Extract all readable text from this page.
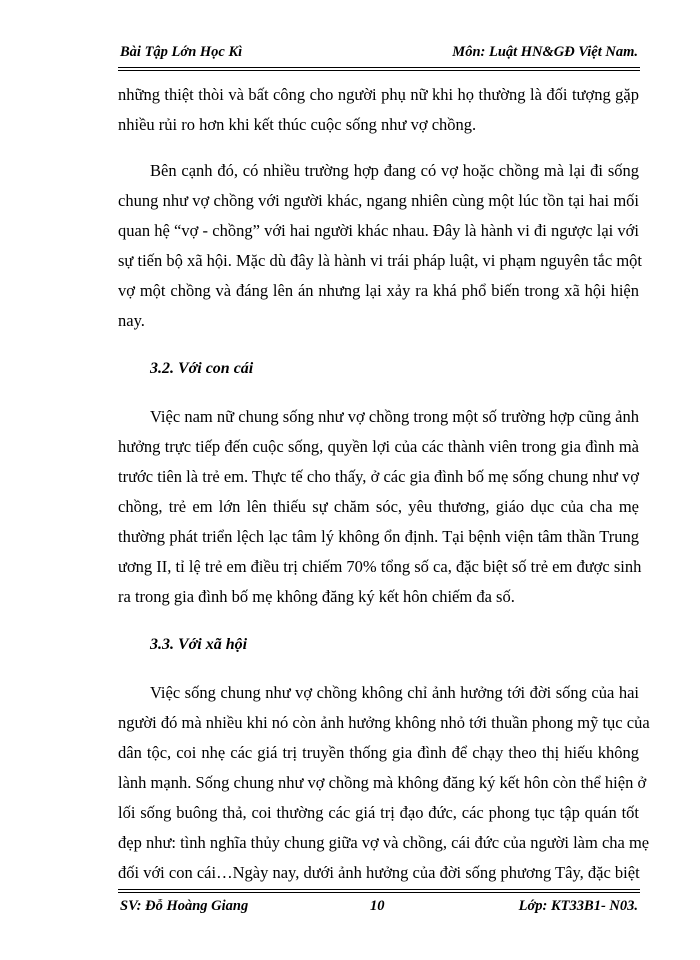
Bài Tập Lớn Học Kì	Môn: Luật HN&GĐ Việt Nam.
những thiệt thòi và bất công cho người phụ nữ khi họ thường là đối tượng gặp
nhiều rủi ro hơn khi kết thúc cuộc sống như vợ chồng.
Bên cạnh đó, có nhiều trường hợp đang có vợ hoặc chồng mà lại đi sống
chung như vợ chồng với người khác, ngang nhiên cùng một lúc tồn tại hai mối
quan hệ “vợ - chồng” với hai người khác nhau. Đây là hành vi đi ngược lại với
sự tiến bộ xã hội. Mặc dù đây là hành vi trái pháp luật, vi phạm nguyên tắc một
vợ một chồng và đáng lên án nhưng lại xảy ra khá phổ biến trong xã hội hiện
nay.
3.2. Với con cái
Việc nam nữ chung sống như vợ chồng trong một số trường hợp cũng ảnh
hưởng trực tiếp đến cuộc sống, quyền lợi của các thành viên trong gia đình mà
trước tiên là trẻ em. Thực tế cho thấy, ở các gia đình bố mẹ sống chung như vợ
chồng, trẻ em lớn lên thiếu sự chăm sóc, yêu thương, giáo dục của cha mẹ
thường phát triển lệch lạc tâm lý không ổn định. Tại bệnh viện tâm thần Trung
ương II, tỉ lệ trẻ em điều trị chiếm 70% tổng số ca, đặc biệt số trẻ em được sinh
ra trong gia đình bố mẹ không đăng ký kết hôn chiếm đa số.
3.3. Với xã hội
Việc sống chung như vợ chồng không chỉ ảnh hưởng tới đời sống của hai
người đó mà nhiều khi nó còn ảnh hưởng không nhỏ tới thuần phong mỹ tục của
dân tộc, coi nhẹ các giá trị truyền thống gia đình để chạy theo thị hiếu không
lành mạnh. Sống chung như vợ chồng mà không đăng ký kết hôn còn thể hiện ở
lối sống buông thả, coi thường các giá trị đạo đức, các phong tục tập quán tốt
đẹp như: tình nghĩa thủy chung giữa vợ và chồng, cái đức của người làm cha mẹ
đối với con cái…Ngày nay, dưới ảnh hưởng của đời sống phương Tây, đặc biệt
SV: Đỗ Hoàng Giang	10	Lớp: KT33B1- N03.
